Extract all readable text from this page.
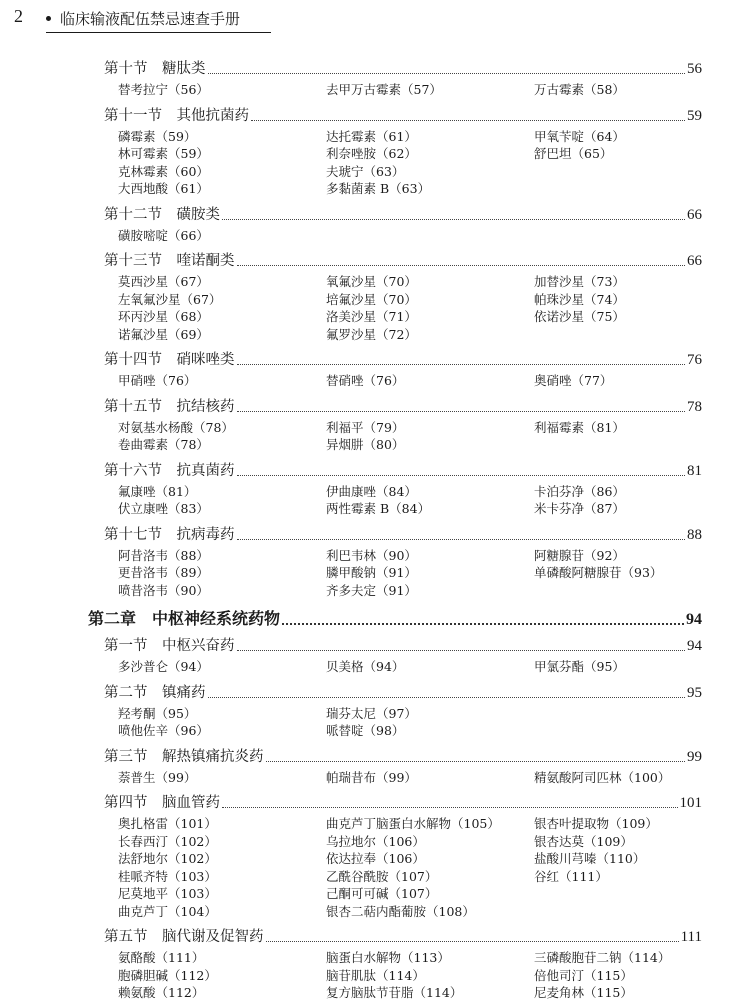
2 临床输液配伍禁忌速查手册
第十节　糖肽类	56
替考拉宁（56）	去甲万古霉素（57）	万古霉素（58）
第十一节　其他抗菌药	59
磷霉素（59）	达托霉素（61）	甲氧苄啶（64）
林可霉素（59）	利奈唑胺（62）	舒巴坦（65）
克林霉素（60）	夫琥宁（63）
大西地酸（61）	多黏菌素 B（63）
第十二节　磺胺类	66
磺胺嘧啶（66）
第十三节　喹诺酮类	66
莫西沙星（67）	氧氟沙星（70）	加替沙星（73）
左氧氟沙星（67）	培氟沙星（70）	帕珠沙星（74）
环丙沙星（68）	洛美沙星（71）	依诺沙星（75）
诺氟沙星（69）	氟罗沙星（72）
第十四节　硝咪唑类	76
甲硝唑（76）	替硝唑（76）	奥硝唑（77）
第十五节　抗结核药	78
对氨基水杨酸（78）	利福平（79）	利福霉素（81）
卷曲霉素（78）	异烟肼（80）
第十六节　抗真菌药	81
氟康唑（81）	伊曲康唑（84）	卡泊芬净（86）
伏立康唑（83）	两性霉素 B（84）	米卡芬净（87）
第十七节　抗病毒药	88
阿昔洛韦（88）	利巴韦林（90）	阿糖腺苷（92）
更昔洛韦（89）	膦甲酸钠（91）	单磷酸阿糖腺苷（93）
喷昔洛韦（90）	齐多夫定（91）
第二章　中枢神经系统药物	94
第一节　中枢兴奋药	94
多沙普仑（94）	贝美格（94）	甲氯芬酯（95）
第二节　镇痛药	95
羟考酮（95）	瑞芬太尼（97）
喷他佐辛（96）	哌替啶（98）
第三节　解热镇痛抗炎药	99
萘普生（99）	帕瑞昔布（99）	精氨酸阿司匹林（100）
第四节　脑血管药	101
奥扎格雷（101）	曲克芦丁脑蛋白水解物（105）	银杏叶提取物（109）
长春西汀（102）	乌拉地尔（106）	银杏达莫（109）
法舒地尔（102）	依达拉奉（106）	盐酸川芎嗪（110）
桂哌齐特（103）	乙酰谷酰胺（107）	谷红（111）
尼莫地平（103）	己酮可可碱（107）
曲克芦丁（104）	银杏二萜内酯葡胺（108）
第五节　脑代谢及促智药	111
氨酪酸（111）	脑蛋白水解物（113）	三磷酸胞苷二钠（114）
胞磷胆碱（112）	脑苷肌肽（114）	倍他司汀（115）
赖氨酸（112）	复方脑肽节苷脂（114）	尼麦角林（115）
